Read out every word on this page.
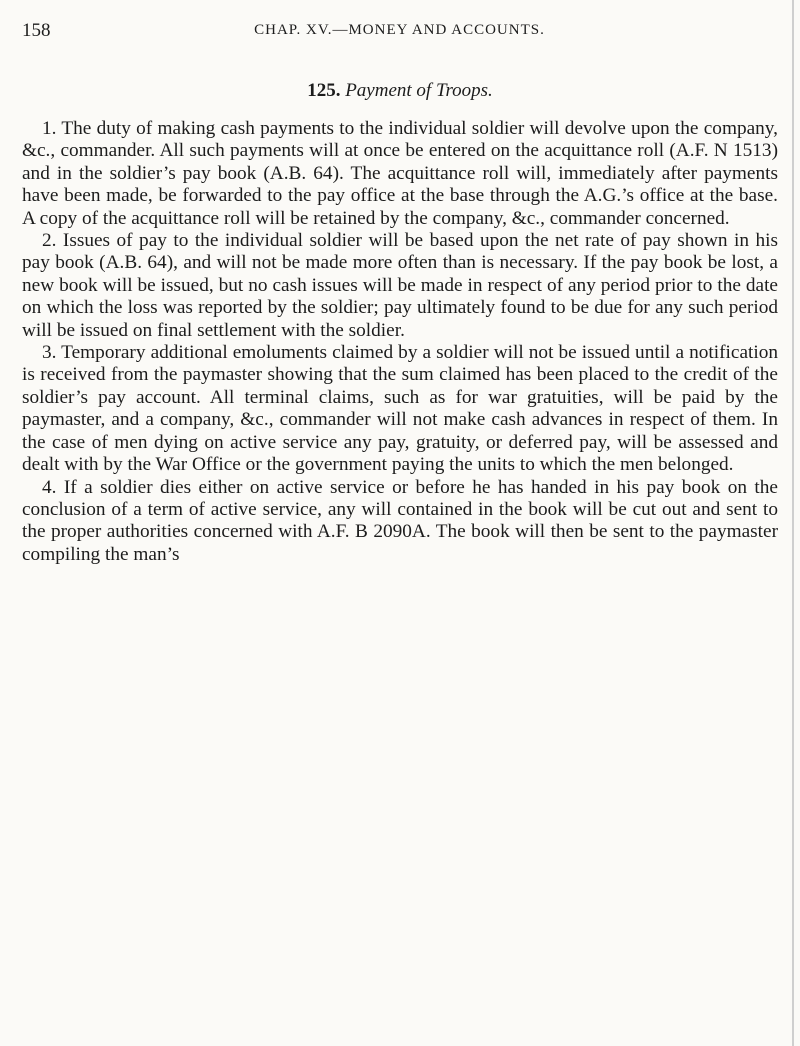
158	CHAP. XV.—MONEY AND ACCOUNTS.
125. Payment of Troops.

1. The duty of making cash payments to the individual soldier will devolve upon the company, &c., commander. All such payments will at once be entered on the acquittance roll (A.F. N 1513) and in the soldier’s pay book (A.B. 64). The acquittance roll will, immediately after payments have been made, be forwarded to the pay office at the base through the A.G.’s office at the base. A copy of the acquittance roll will be retained by the company, &c., commander concerned.

2. Issues of pay to the individual soldier will be based upon the net rate of pay shown in his pay book (A.B. 64), and will not be made more often than is necessary. If the pay book be lost, a new book will be issued, but no cash issues will be made in respect of any period prior to the date on which the loss was reported by the soldier; pay ultimately found to be due for any such period will be issued on final settlement with the soldier.

3. Temporary additional emoluments claimed by a soldier will not be issued until a notification is received from the paymaster showing that the sum claimed has been placed to the credit of the soldier’s pay account. All terminal claims, such as for war gratuities, will be paid by the paymaster, and a company, &c., commander will not make cash advances in respect of them. In the case of men dying on active service any pay, gratuity, or deferred pay, will be assessed and dealt with by the War Office or the government paying the units to which the men belonged.

4. If a soldier dies either on active service or before he has handed in his pay book on the conclusion of a term of active service, any will contained in the book will be cut out and sent to the proper authorities concerned with A.F. B 2090A. The book will then be sent to the paymaster compiling the man’s
